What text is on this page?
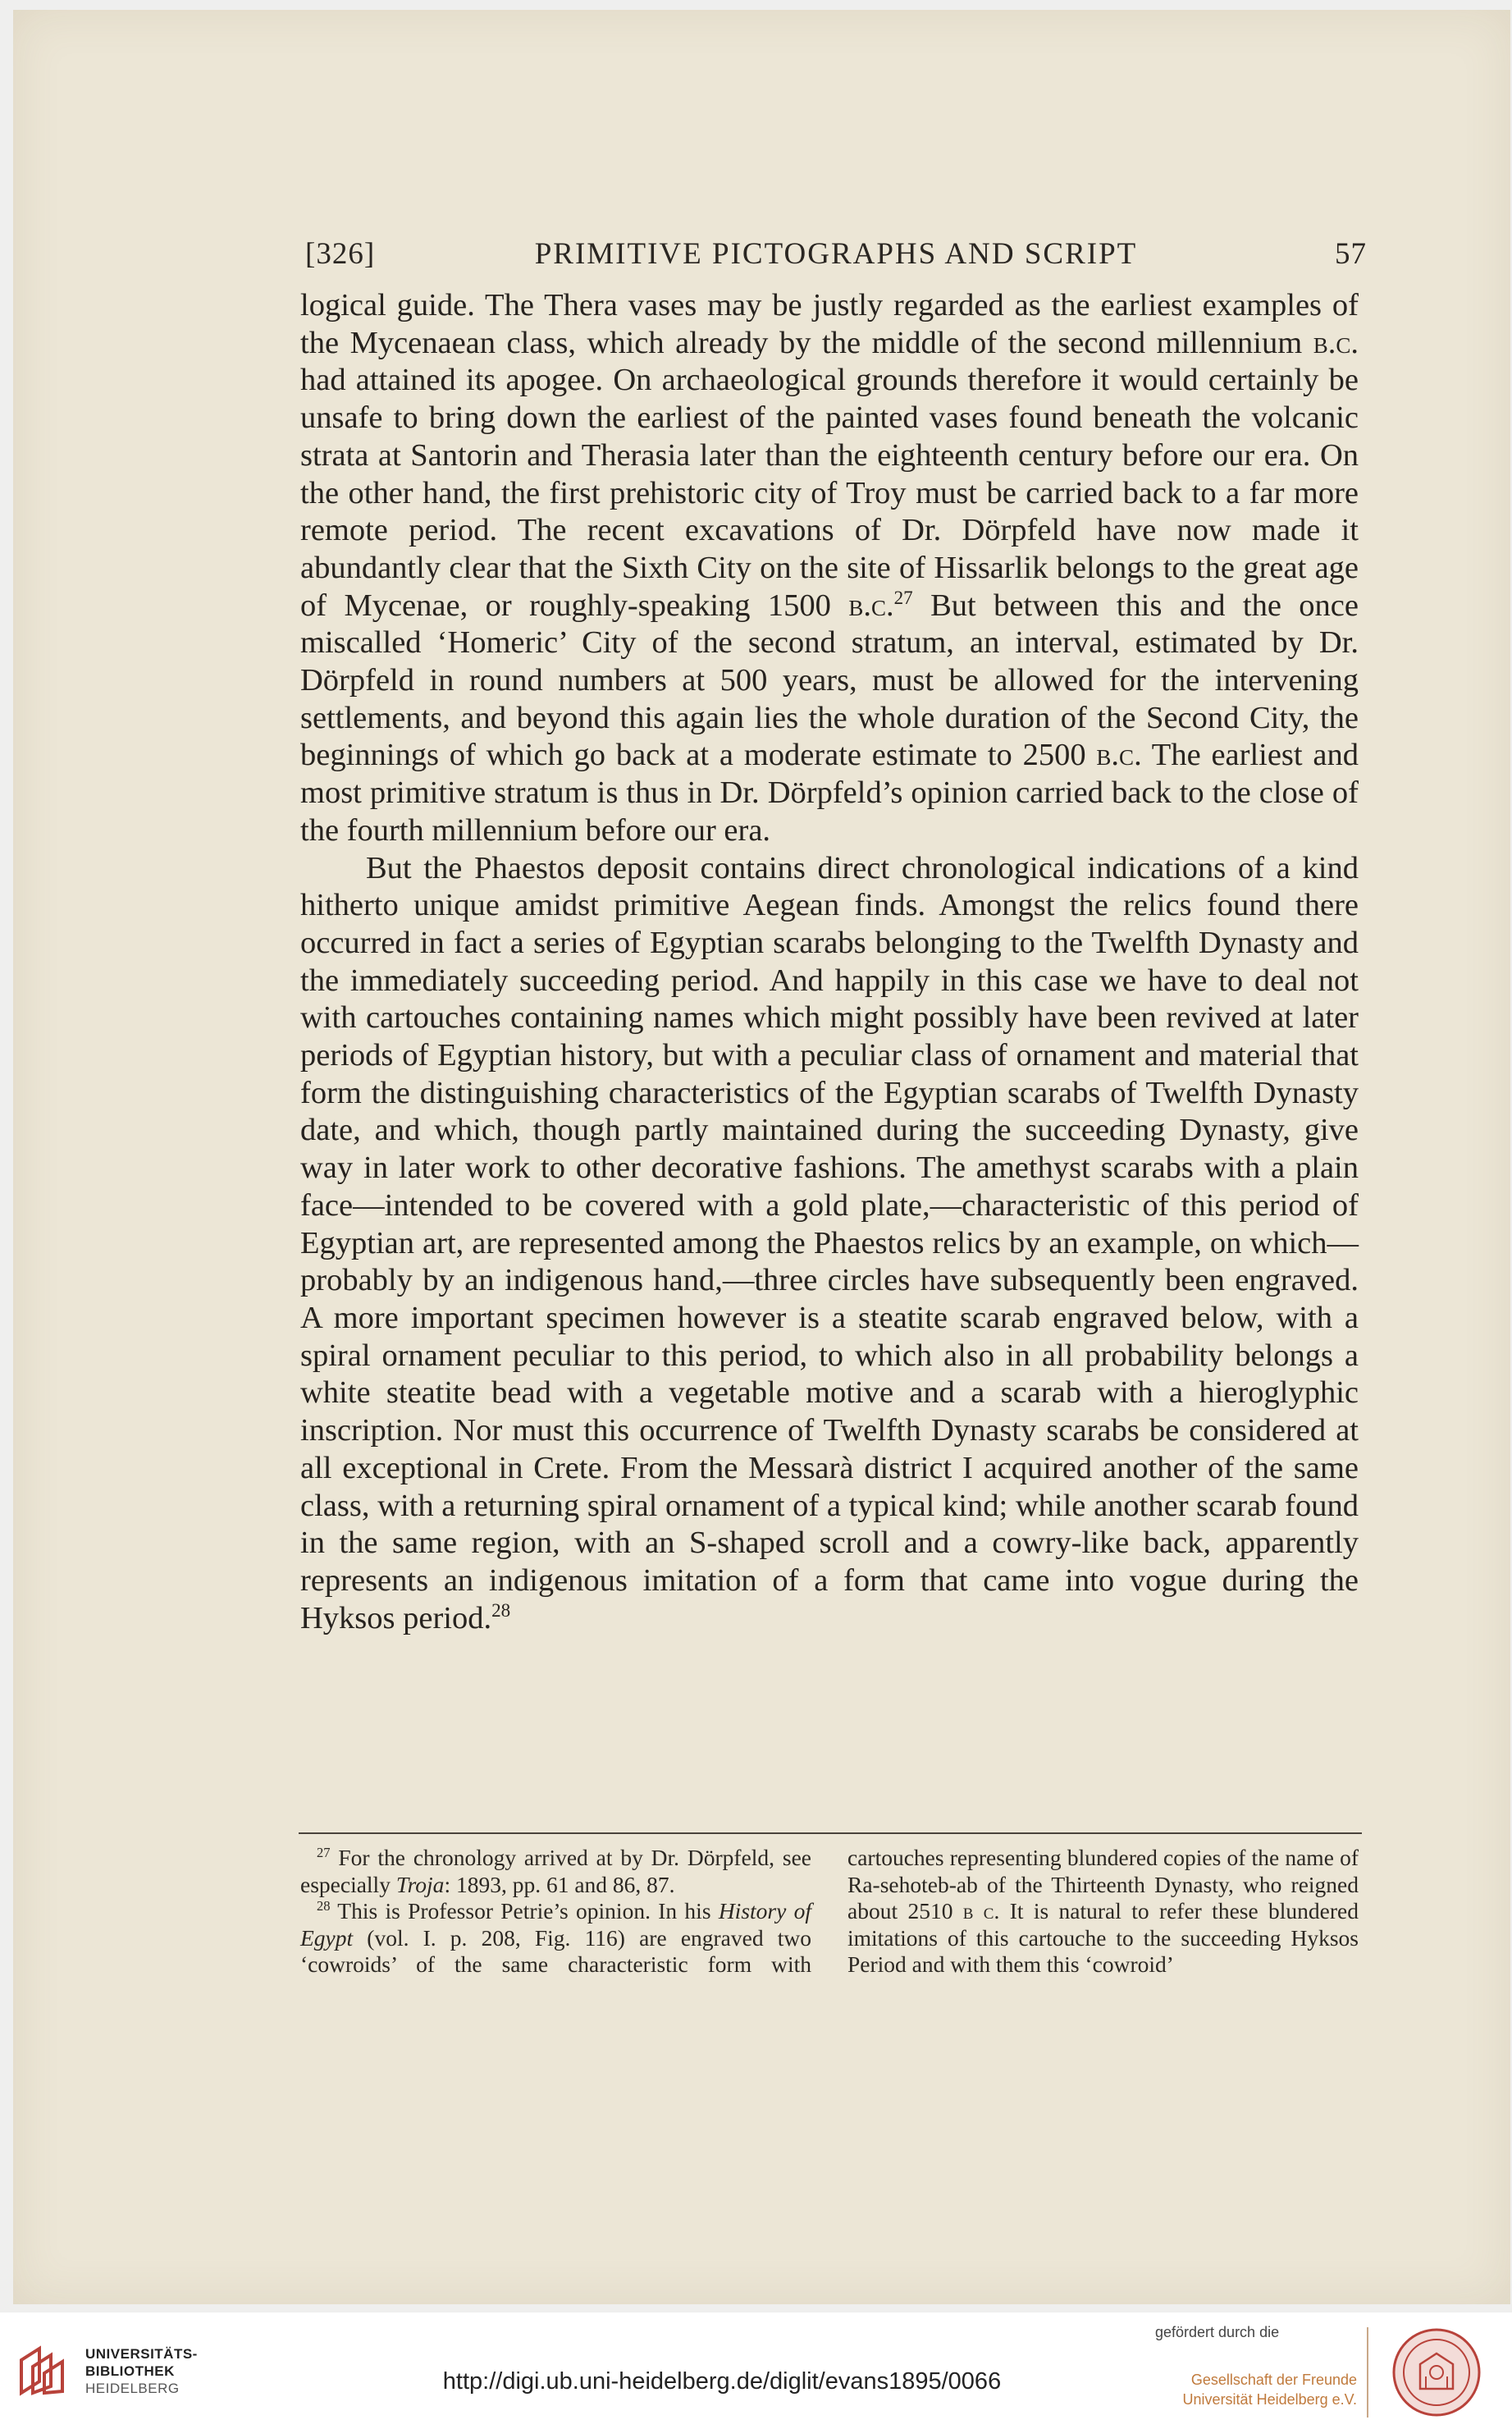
[326]	PRIMITIVE PICTOGRAPHS AND SCRIPT	57

logical guide. The Thera vases may be justly regarded as the earliest examples of the Mycenaean class, which already by the middle of the second millennium b.c. had attained its apogee. On archaeological grounds therefore it would certainly be unsafe to bring down the earliest of the painted vases found beneath the volcanic strata at Santorin and Therasia later than the eighteenth century before our era. On the other hand, the first prehistoric city of Troy must be carried back to a far more remote period. The recent excavations of Dr. Dörpfeld have now made it abundantly clear that the Sixth City on the site of Hissarlik belongs to the great age of Mycenae, or roughly-speaking 1500 b.c.$^{27}$ But between this and the once miscalled ‘Homeric’ City of the second stratum, an interval, estimated by Dr. Dörpfeld in round numbers at 500 years, must be allowed for the intervening settlements, and beyond this again lies the whole duration of the Second City, the beginnings of which go back at a moderate estimate to 2500 b.c. The earliest and most primitive stratum is thus in Dr. Dörpfeld’s opinion carried back to the close of the fourth millennium before our era.

But the Phaestos deposit contains direct chronological indications of a kind hitherto unique amidst primitive Aegean finds. Amongst the relics found there occurred in fact a series of Egyptian scarabs belonging to the Twelfth Dynasty and the immediately succeeding period. And happily in this case we have to deal not with cartouches containing names which might possibly have been revived at later periods of Egyptian history, but with a peculiar class of ornament and material that form the distinguishing characteristics of the Egyptian scarabs of Twelfth Dynasty date, and which, though partly maintained during the succeeding Dynasty, give way in later work to other decorative fashions. The amethyst scarabs with a plain face—intended to be covered with a gold plate,—characteristic of this period of Egyptian art, are represented among the Phaestos relics by an example, on which—probably by an indigenous hand,—three circles have subsequently been engraved. A more important specimen however is a steatite scarab engraved below, with a spiral ornament peculiar to this period, to which also in all probability belongs a white steatite bead with a vegetable motive and a scarab with a hieroglyphic inscription. Nor must this occurrence of Twelfth Dynasty scarabs be considered at all exceptional in Crete. From the Messarà district I acquired another of the same class, with a returning spiral ornament of a typical kind; while another scarab found in the same region, with an S-shaped scroll and a cowry-like back, apparently represents an indigenous imitation of a form that came into vogue during the Hyksos period.$^{28}$

$^{27}$ For the chronology arrived at by Dr. Dörpfeld, see especially Troja: 1893, pp. 61 and 86, 87.

$^{28}$ This is Professor Petrie’s opinion. In his History of Egypt (vol. I. p. 208, Fig. 116) are engraved two ‘cowroids’ of the same characteristic form with cartouches representing blundered copies of the name of Ra-sehoteb-ab of the Thirteenth Dynasty, who reigned about 2510 b c. It is natural to refer these blundered imitations of this cartouche to the succeeding Hyksos Period and with them this ‘cowroid’

UNIVERSITÄTS-
BIBLIOTHEK
HEIDELBERG	http://digi.ub.uni-heidelberg.de/diglit/evans1895/0066
gefördert durch die
Gesellschaft der Freunde
Universität Heidelberg e.V.
